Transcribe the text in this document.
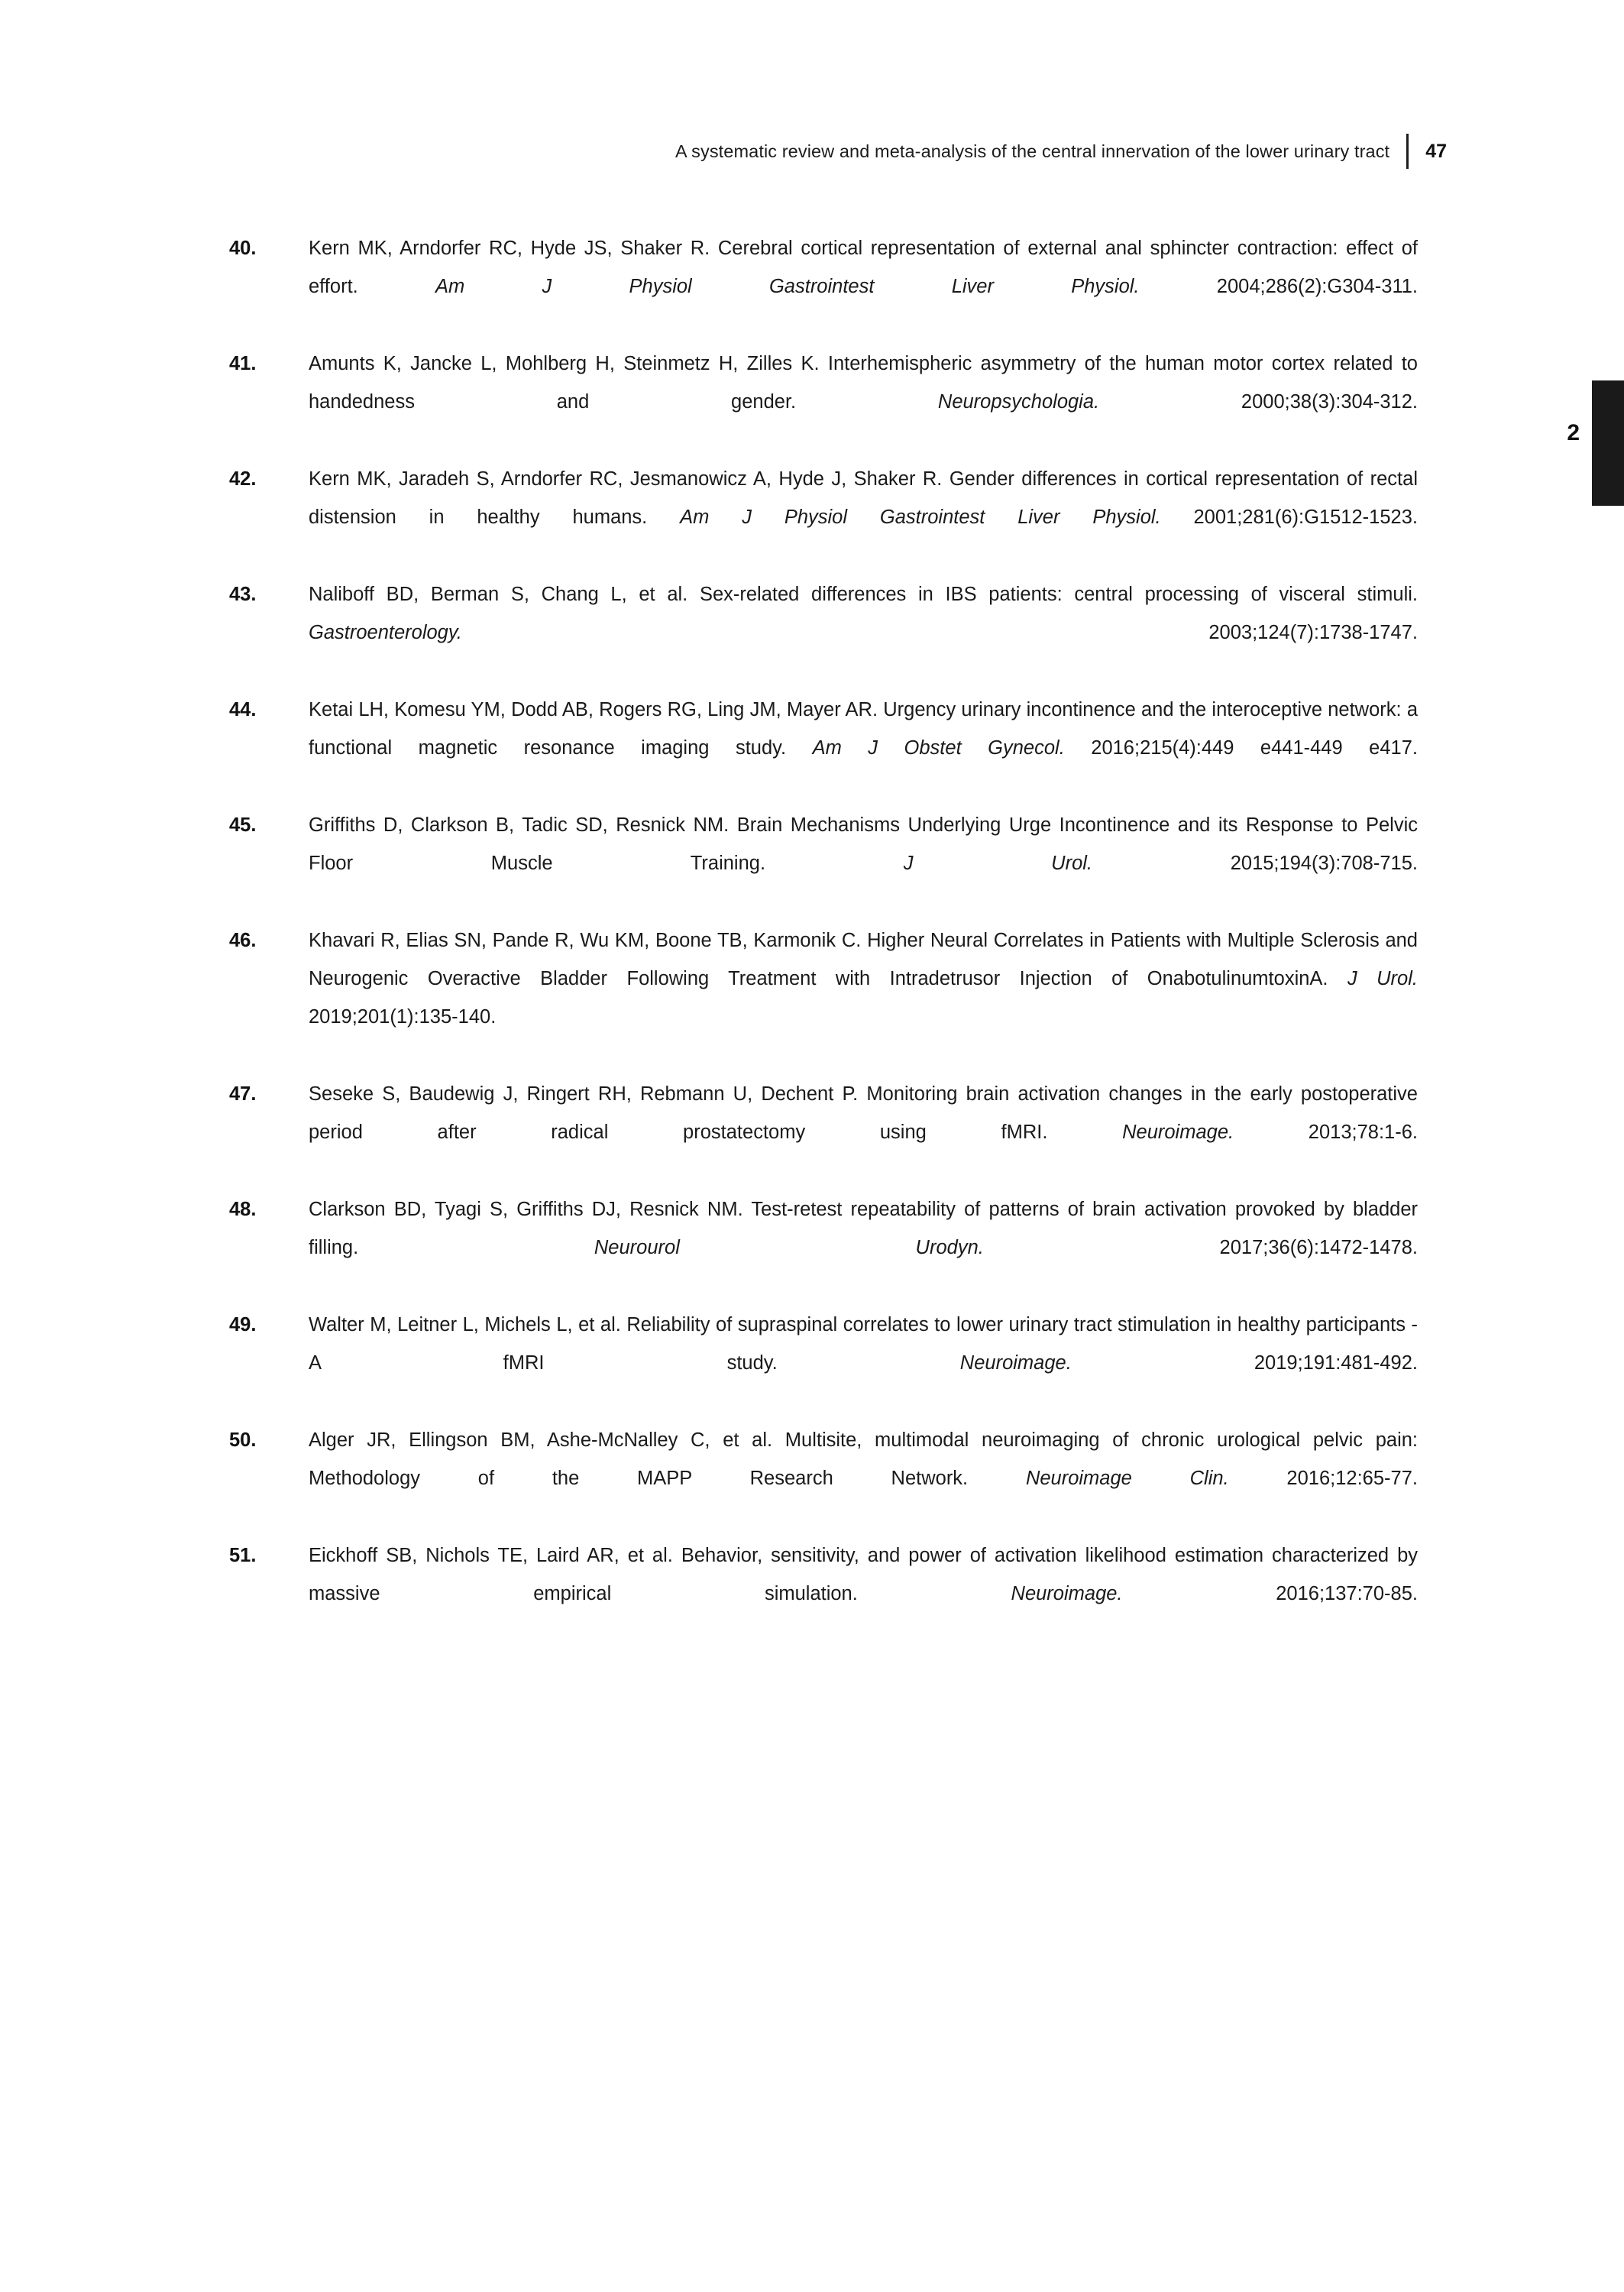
A systematic review and meta-analysis of the central innervation of the lower urinary tract 47
2
40.	Kern MK, Arndorfer RC, Hyde JS, Shaker R. Cerebral cortical representation of external anal sphincter contraction: effect of effort.	Am J Physiol Gastrointest Liver Physiol.	2004;286(2):G304-311.
41.	Amunts K, Jancke L, Mohlberg H, Steinmetz H, Zilles K. Interhemispheric asymmetry of the human motor cortex related to handedness and gender.	Neuropsychologia.	2000;38(3):304-312.
42.	Kern MK, Jaradeh S, Arndorfer RC, Jesmanowicz A, Hyde J, Shaker R. Gender differences in cortical representation of rectal distension in healthy humans. Am J Physiol Gastrointest Liver Physiol. 2001;281(6):G1512-1523.
43.	Naliboff BD, Berman S, Chang L, et al. Sex-related differences in IBS patients: central processing of visceral stimuli. Gastroenterology.	2003;124(7):1738-1747.
44.	Ketai LH, Komesu YM, Dodd AB, Rogers RG, Ling JM, Mayer AR. Urgency urinary incontinence and the interoceptive network: a functional magnetic resonance imaging study. Am J Obstet Gynecol. 2016;215(4):449 e441-449 e417.
45.	Griffiths D, Clarkson B, Tadic SD, Resnick NM. Brain Mechanisms Underlying Urge Incontinence and its Response to Pelvic Floor Muscle Training.	J Urol.	2015;194(3):708-715.
46.	Khavari R, Elias SN, Pande R, Wu KM, Boone TB, Karmonik C. Higher Neural Correlates in Patients with Multiple Sclerosis and Neurogenic Overactive Bladder Following Treatment with Intradetrusor Injection of OnabotulinumtoxinA. J Urol. 2019;201(1):135-140.
47.	Seseke S, Baudewig J, Ringert RH, Rebmann U, Dechent P. Monitoring brain activation changes in the early postoperative period after radical prostatectomy using fMRI.	Neuroimage.	2013;78:1-6.
48.	Clarkson BD, Tyagi S, Griffiths DJ, Resnick NM. Test-retest repeatability of patterns of brain activation provoked by bladder filling.	Neurourol Urodyn.	2017;36(6):1472-1478.
49.	Walter M, Leitner L, Michels L, et al. Reliability of supraspinal correlates to lower urinary tract stimulation in healthy participants - A fMRI study.	Neuroimage.	2019;191:481-492.
50.	Alger JR, Ellingson BM, Ashe-McNalley C, et al. Multisite, multimodal neuroimaging of chronic urological pelvic pain: Methodology of the MAPP Research Network.	Neuroimage Clin.	2016;12:65-77.
51.	Eickhoff SB, Nichols TE, Laird AR, et al. Behavior, sensitivity, and power of activation likelihood estimation characterized by massive empirical simulation.	Neuroimage.	2016;137:70-85.
